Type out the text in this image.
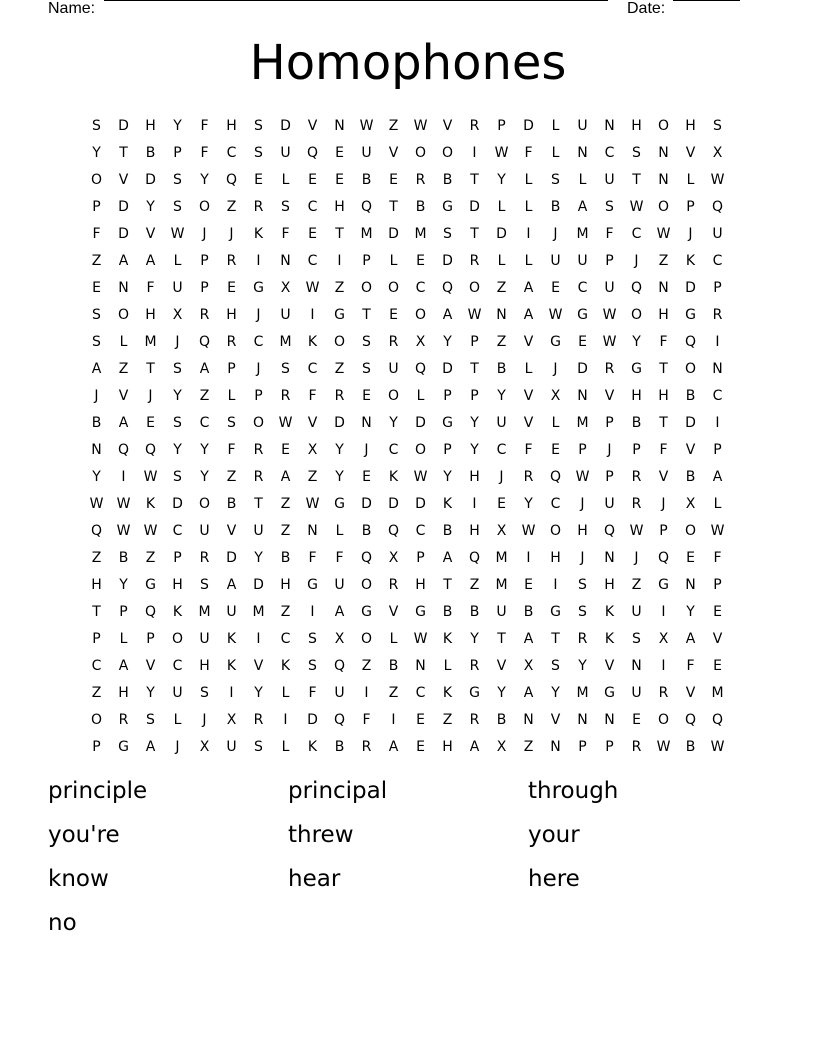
Name:	Date:
Homophones
S	D	H	Y	F	H	S	D	V	N	W	Z	W	V	R	P	D	L	U	N	H	O	H	S
Y	T	B	P	F	C	S	U	Q	E	U	V	O	O	I	W	F	L	N	C	S	N	V	X
O	V	D	S	Y	Q	E	L	E	E	B	E	R	B	T	Y	L	S	L	U	T	N	L	W
P	D	Y	S	O	Z	R	S	C	H	Q	T	B	G	D	L	L	B	A	S	W	O	P	Q
F	D	V	W	J	J	K	F	E	T	M	D	M	S	T	D	I	J	M	F	C	W	J	U
Z	A	A	L	P	R	I	N	C	I	P	L	E	D	R	L	L	U	U	P	J	Z	K	C
E	N	F	U	P	E	G	X	W	Z	O	O	C	Q	O	Z	A	E	C	U	Q	N	D	P
S	O	H	X	R	H	J	U	I	G	T	E	O	A	W	N	A	W	G	W	O	H	G	R
S	L	M	J	Q	R	C	M	K	O	S	R	X	Y	P	Z	V	G	E	W	Y	F	Q	I
A	Z	T	S	A	P	J	S	C	Z	S	U	Q	D	T	B	L	J	D	R	G	T	O	N
J	V	J	Y	Z	L	P	R	F	R	E	O	L	P	P	Y	V	X	N	V	H	H	B	C
B	A	E	S	C	S	O	W	V	D	N	Y	D	G	Y	U	V	L	M	P	B	T	D	I
N	Q	Q	Y	Y	F	R	E	X	Y	J	C	O	P	Y	C	F	E	P	J	P	F	V	P
Y	I	W	S	Y	Z	R	A	Z	Y	E	K	W	Y	H	J	R	Q	W	P	R	V	B	A
W	W	K	D	O	B	T	Z	W	G	D	D	D	K	I	E	Y	C	J	U	R	J	X	L
Q	W	W	C	U	V	U	Z	N	L	B	Q	C	B	H	X	W	O	H	Q	W	P	O	W
Z	B	Z	P	R	D	Y	B	F	F	Q	X	P	A	Q	M	I	H	J	N	J	Q	E	F
H	Y	G	H	S	A	D	H	G	U	O	R	H	T	Z	M	E	I	S	H	Z	G	N	P
T	P	Q	K	M	U	M	Z	I	A	G	V	G	B	B	U	B	G	S	K	U	I	Y	E
P	L	P	O	U	K	I	C	S	X	O	L	W	K	Y	T	A	T	R	K	S	X	A	V
C	A	V	C	H	K	V	K	S	Q	Z	B	N	L	R	V	X	S	Y	V	N	I	F	E
Z	H	Y	U	S	I	Y	L	F	U	I	Z	C	K	G	Y	A	Y	M	G	U	R	V	M
O	R	S	L	J	X	R	I	D	Q	F	I	E	Z	R	B	N	V	N	N	E	O	Q	Q
P	G	A	J	X	U	S	L	K	B	R	A	E	H	A	X	Z	N	P	P	R	W	B	W
principle	principal	through
you're	threw	your
know	hear	here
no
